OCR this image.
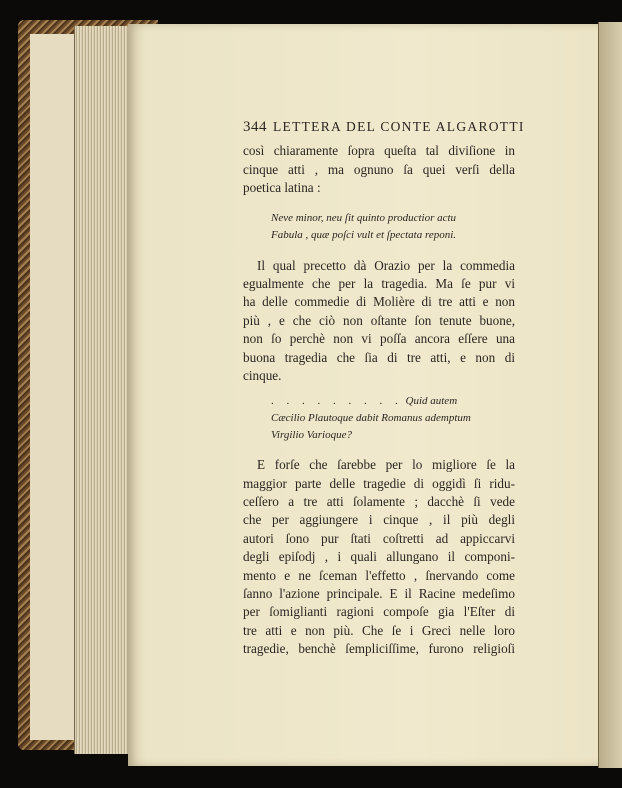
344 LETTERA DEL CONTE ALGAROTTI
così chiaramente ſopra queſta tal diviſione in
cinque atti , ma ognuno ſa quei verſi della
poetica latina :
Neve minor, neu ſit quinto productior actu
Fabula , quæ poſci vult et ſpectata reponi.
Il qual precetto dà Orazio per la commedia
egualmente che per la tragedia. Ma ſe pur vi
ha delle commedie di Molière di tre atti e non
più , e che ciò non oſtante ſon tenute buone,
non ſo perchè non vi poſſa ancora eſſere una
buona tragedia che ſia di tre atti, e non di
cinque.
. . . . . . . . . Quid autem
Cæcilio Plautoque dabit Romanus ademptum
Virgilio Varioque?
E forſe che ſarebbe per lo migliore ſe la
maggior parte delle tragedie di oggidì ſi ridu-
ceſſero a tre atti ſolamente ; dacchè ſi vede
che per aggiungere i cinque , il più degli
autori ſono pur ſtati coſtretti ad appiccarvi
degli epiſodj , i quali allungano il componi-
mento e ne ſceman l'effetto , ſnervando come
ſanno l'azione principale. E il Racine medeſimo
per ſomiglianti ragioni compoſe gia l'Eſter di
tre atti e non più. Che ſe i Greci nelle loro
tragedie, benchè ſempliciſſime, furono religioſi
